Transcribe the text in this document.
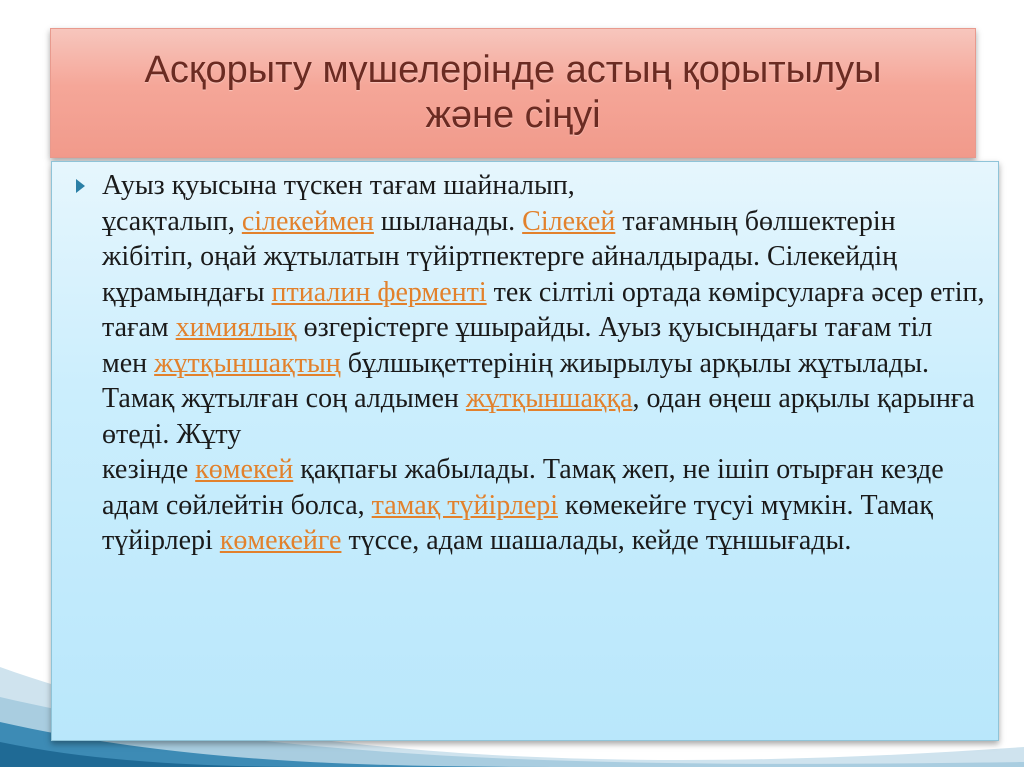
Асқорыту мүшелерінде астың қорытылуы
және сіңуі

Ауыз қуысына түскен тағам шайналып,
ұсақталып, сілекеймен шыланады. Сілекей тағамның бөлшектерін жібітіп, оңай жұтылатын түйіртпектерге айналдырады. Сілекейдің құрамындағы птиалин ферменті тек сілтілі ортада көмірсуларға әсер етіп, тағам химиялық өзгерістерге ұшырайды. Ауыз қуысындағы тағам тіл
мен жұтқыншақтың бұлшықеттерінің жиырылуы арқылы жұтылады. Тамақ жұтылған соң алдымен жұтқыншаққа, одан өңеш арқылы қарынға өтеді. Жұту
кезінде көмекей қақпағы жабылады. Тамақ жеп, не ішіп отырған кезде адам сөйлейтін болса, тамақ түйірлері көмекейге түсуі мүмкін. Тамақ
түйірлері көмекейге түссе, адам шашалады, кейде тұншығады.
